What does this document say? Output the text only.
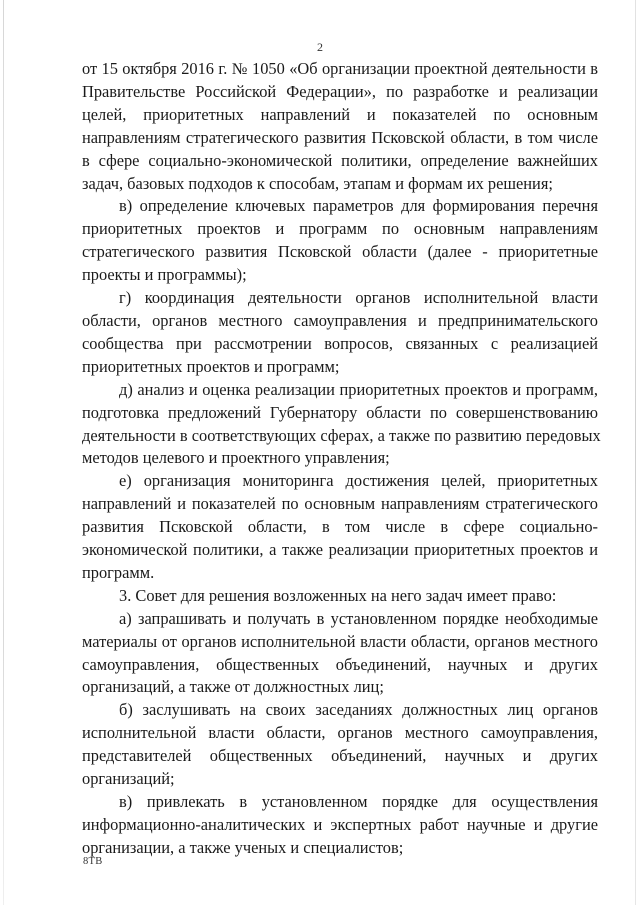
2

от 15 октября 2016 г. № 1050 «Об организации проектной деятельности в
Правительстве Российской Федерации», по разработке и реализации
целей, приоритетных направлений и показателей по основным
направлениям стратегического развития Псковской области, в том числе
в сфере социально-экономической политики, определение важнейших
задач, базовых подходов к способам, этапам и формам их решения;

в) определение ключевых параметров для формирования перечня
приоритетных проектов и программ по основным направлениям
стратегического развития Псковской области (далее - приоритетные
проекты и программы);

г) координация деятельности органов исполнительной власти
области, органов местного самоуправления и предпринимательского
сообщества при рассмотрении вопросов, связанных с реализацией
приоритетных проектов и программ;

д) анализ и оценка реализации приоритетных проектов и программ,
подготовка предложений Губернатору области по совершенствованию
деятельности в соответствующих сферах, а также по развитию передовых
методов целевого и проектного управления;

е) организация мониторинга достижения целей, приоритетных
направлений и показателей по основным направлениям стратегического
развития Псковской области, в том числе в сфере социально-
экономической политики, а также реализации приоритетных проектов и
программ.

3. Совет для решения возложенных на него задач имеет право:

а) запрашивать и получать в установленном порядке необходимые
материалы от органов исполнительной власти области, органов местного
самоуправления, общественных объединений, научных и других
организаций, а также от должностных лиц;

б) заслушивать на своих заседаниях должностных лиц органов
исполнительной власти области, органов местного самоуправления,
представителей общественных объединений, научных и других
организаций;

в) привлекать в установленном порядке для осуществления
информационно-аналитических и экспертных работ научные и другие
организации, а также ученых и специалистов;

8ТВ
